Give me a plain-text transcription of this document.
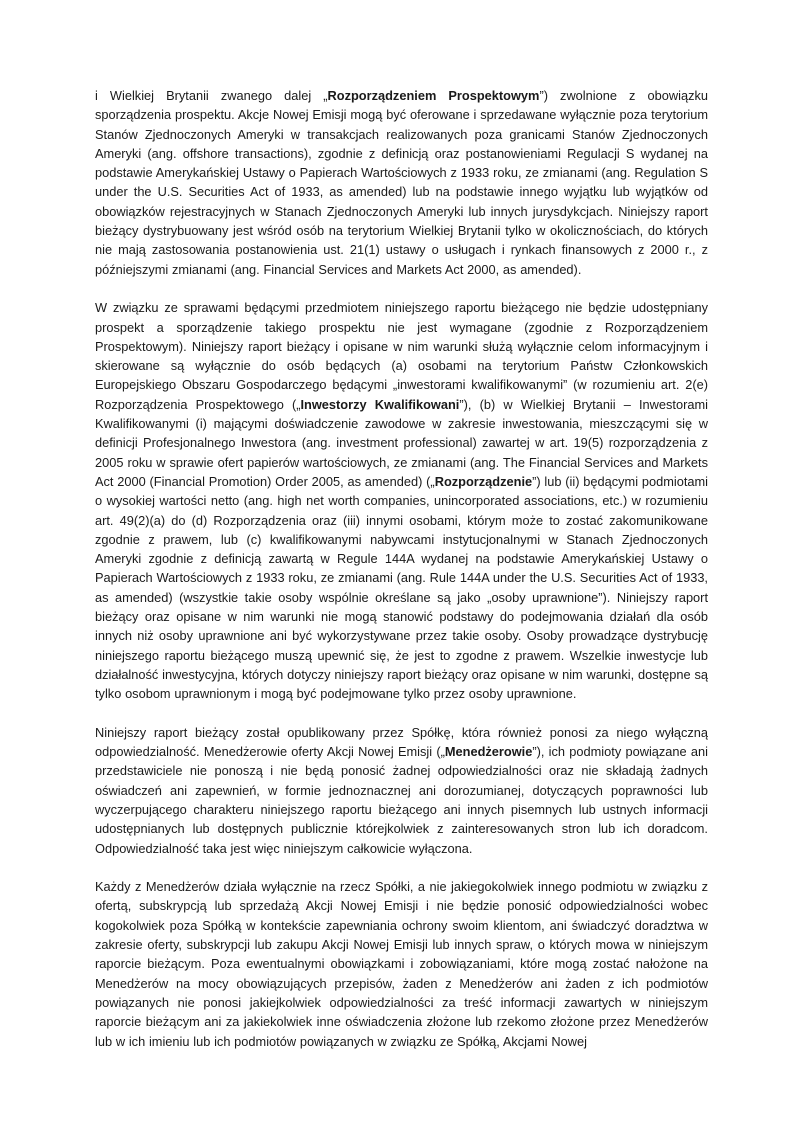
i Wielkiej Brytanii zwanego dalej „Rozporządzeniem Prospektowym”) zwolnione z obowiązku sporządzenia prospektu. Akcje Nowej Emisji mogą być oferowane i sprzedawane wyłącznie poza terytorium Stanów Zjednoczonych Ameryki w transakcjach realizowanych poza granicami Stanów Zjednoczonych Ameryki (ang. offshore transactions), zgodnie z definicją oraz postanowieniami Regulacji S wydanej na podstawie Amerykańskiej Ustawy o Papierach Wartościowych z 1933 roku, ze zmianami (ang. Regulation S under the U.S. Securities Act of 1933, as amended) lub na podstawie innego wyjątku lub wyjątków od obowiązków rejestracyjnych w Stanach Zjednoczonych Ameryki lub innych jurysdykcjach. Niniejszy raport bieżący dystrybuowany jest wśród osób na terytorium Wielkiej Brytanii tylko w okolicznościach, do których nie mają zastosowania postanowienia ust. 21(1) ustawy o usługach i rynkach finansowych z 2000 r., z późniejszymi zmianami (ang. Financial Services and Markets Act 2000, as amended).

W związku ze sprawami będącymi przedmiotem niniejszego raportu bieżącego nie będzie udostępniany prospekt a sporządzenie takiego prospektu nie jest wymagane (zgodnie z Rozporządzeniem Prospektowym). Niniejszy raport bieżący i opisane w nim warunki służą wyłącznie celom informacyjnym i skierowane są wyłącznie do osób będących (a) osobami na terytorium Państw Członkowskich Europejskiego Obszaru Gospodarczego będącymi „inwestorami kwalifikowanymi” (w rozumieniu art. 2(e) Rozporządzenia Prospektowego („Inwestorzy Kwalifikowani”), (b) w Wielkiej Brytanii – Inwestorami Kwalifikowanymi (i) mającymi doświadczenie zawodowe w zakresie inwestowania, mieszczącymi się w definicji Profesjonalnego Inwestora (ang. investment professional) zawartej w art. 19(5) rozporządzenia z 2005 roku w sprawie ofert papierów wartościowych, ze zmianami (ang. The Financial Services and Markets Act 2000 (Financial Promotion) Order 2005, as amended) („Rozporządzenie”) lub (ii) będącymi podmiotami o wysokiej wartości netto (ang. high net worth companies, unincorporated associations, etc.) w rozumieniu art. 49(2)(a) do (d) Rozporządzenia oraz (iii) innymi osobami, którym może to zostać zakomunikowane zgodnie z prawem, lub (c) kwalifikowanymi nabywcami instytucjonalnymi w Stanach Zjednoczonych Ameryki zgodnie z definicją zawartą w Regule 144A wydanej na podstawie Amerykańskiej Ustawy o Papierach Wartościowych z 1933 roku, ze zmianami (ang. Rule 144A under the U.S. Securities Act of 1933, as amended) (wszystkie takie osoby wspólnie określane są jako „osoby uprawnione”). Niniejszy raport bieżący oraz opisane w nim warunki nie mogą stanowić podstawy do podejmowania działań dla osób innych niż osoby uprawnione ani być wykorzystywane przez takie osoby. Osoby prowadzące dystrybucję niniejszego raportu bieżącego muszą upewnić się, że jest to zgodne z prawem. Wszelkie inwestycje lub działalność inwestycyjna, których dotyczy niniejszy raport bieżący oraz opisane w nim warunki, dostępne są tylko osobom uprawnionym i mogą być podejmowane tylko przez osoby uprawnione.

Niniejszy raport bieżący został opublikowany przez Spółkę, która również ponosi za niego wyłączną odpowiedzialność. Menedżerowie oferty Akcji Nowej Emisji („Menedżerowie”), ich podmioty powiązane ani przedstawiciele nie ponoszą i nie będą ponosić żadnej odpowiedzialności oraz nie składają żadnych oświadczeń ani zapewnień, w formie jednoznacznej ani dorozumianej, dotyczących poprawności lub wyczerpującego charakteru niniejszego raportu bieżącego ani innych pisemnych lub ustnych informacji udostępnianych lub dostępnych publicznie którejkolwiek z zainteresowanych stron lub ich doradcom. Odpowiedzialność taka jest więc niniejszym całkowicie wyłączona.

Każdy z Menedżerów działa wyłącznie na rzecz Spółki, a nie jakiegokolwiek innego podmiotu w związku z ofertą, subskrypcją lub sprzedażą Akcji Nowej Emisji i nie będzie ponosić odpowiedzialności wobec kogokolwiek poza Spółką w kontekście zapewniania ochrony swoim klientom, ani świadczyć doradztwa w zakresie oferty, subskrypcji lub zakupu Akcji Nowej Emisji lub innych spraw, o których mowa w niniejszym raporcie bieżącym. Poza ewentualnymi obowiązkami i zobowiązaniami, które mogą zostać nałożone na Menedżerów na mocy obowiązujących przepisów, żaden z Menedżerów ani żaden z ich podmiotów powiązanych nie ponosi jakiejkolwiek odpowiedzialności za treść informacji zawartych w niniejszym raporcie bieżącym ani za jakiekolwiek inne oświadczenia złożone lub rzekomo złożone przez Menedżerów lub w ich imieniu lub ich podmiotów powiązanych w związku ze Spółką, Akcjami Nowej
